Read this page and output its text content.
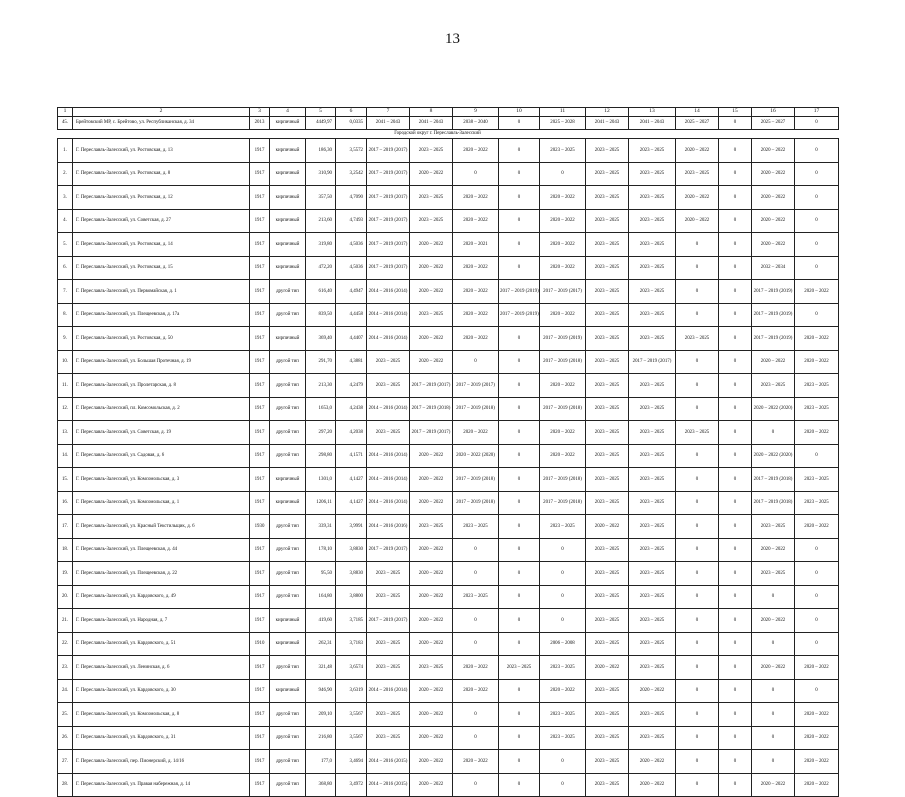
13
1	2	3	4	5	6	7	8	9	10	11	12	13	14	15	16	17
45.	Брейтовский МР, с. Брейтово, ул. Республиканская, д. 34	2013	кирпичный	4449,97	0,0335	2041 – 2043	2041 – 2043	2038 – 2040	0	2025 – 2028	2041 – 2043	2041 – 2043	2025 – 2027	0	2025 – 2027	0
					Городской округ г. Переславль-Залесский											
1.	Г. Переславль-Залесский, ул. Ростовская, д. 13	1917	кирпичный	186,30	3,5572	2017 – 2019 (2017)	2023 – 2025	2020 – 2022	0	2023 – 2025	2023 – 2025	2023 – 2025	2020 – 2022	0	2020 – 2022	0
2.	Г. Переславль-Залесский, ул. Ростовская, д. 8	1917	кирпичный	310,90	3,2542	2017 – 2019 (2017)	2020 – 2022	0	0	0	2023 – 2025	2023 – 2025	2023 – 2025	0	2020 – 2022	0
3.	Г. Переславль-Залесский, ул. Ростовская, д. 12	1917	кирпичный	357,50	4,7090	2017 – 2019 (2017)	2023 – 2025	2020 – 2022	0	2020 – 2022	2023 – 2025	2023 – 2025	2020 – 2022	0	2020 – 2022	0
4.	Г. Переславль-Залесский, ул. Советская, д. 27	1917	кирпичный	213,60	4,7493	2017 – 2019 (2017)	2023 – 2025	2020 – 2022	0	2020 – 2022	2023 – 2025	2023 – 2025	2020 – 2022	0	2020 – 2022	0
5.	Г. Переславль-Залесский, ул. Ростовская, д. 14	1917	кирпичный	319,80	4,5036	2017 – 2019 (2017)	2020 – 2022	2020 – 2021	0	2020 – 2022	2023 – 2025	2023 – 2025	0	0	2020 – 2022	0
6.	Г. Переславль-Залесский, ул. Ростовская, д. 15	1917	кирпичный	472,20	4,5036	2017 – 2019 (2017)	2020 – 2022	2020 – 2022	0	2020 – 2022	2023 – 2025	2023 – 2025	0	0	2032 – 2034	0
7.	Г. Переславль-Залесский, ул. Первомайская, д. 1	1917	другой тип	616,40	4,4947	2014 – 2016 (2014)	2020 – 2022	2020 – 2022	2017 – 2019 (2019)	2017 – 2019 (2017)	2023 – 2025	2023 – 2025	0	0	2017 – 2019 (2019)	2020 – 2022
8.	Г. Переславль-Залесский, ул. Плещеевская, д. 17а	1917	другой тип	839,50	4,4458	2014 – 2016 (2014)	2023 – 2025	2020 – 2022	2017 – 2019 (2019)	2020 – 2022	2023 – 2025	2023 – 2025	0	0	2017 – 2019 (2019)	0
9.	Г. Переславль-Залесский, ул. Ростовская, д. 50	1917	кирпичный	369,40	4,4407	2014 – 2016 (2014)	2020 – 2022	2020 – 2022	0	2017 – 2019 (2019)	2023 – 2025	2023 – 2025	2023 – 2025	0	2017 – 2019 (2019)	2020 – 2022
10.	Г. Переславль-Залесский, ул. Большая Протечная, д. 19	1917	другой тип	291,70	4,3881	2023 – 2025	2020 – 2022	0	0	2017 – 2019 (2018)	2023 – 2025	2017 – 2019 (2017)	0	0	2020 – 2022	2020 – 2022
11.	Г. Переславль-Залесский, ул. Пролетарская, д. 8	1917	другой тип	213,30	4,2479	2023 – 2025	2017 – 2019 (2017)	2017 – 2019 (2017)	0	2020 – 2022	2023 – 2025	2023 – 2025	0	0	2023 – 2025	2023 – 2025
12.	Г. Переславль-Залесский, пл. Комсомольская, д. 2	1917	другой тип	1653,0	4,2438	2014 – 2016 (2014)	2017 – 2019 (2018)	2017 – 2019 (2018)	0	2017 – 2019 (2018)	2023 – 2025	2023 – 2025	0	0	2020 – 2022 (2020)	2023 – 2025
13.	Г. Переславль-Залесский, ул. Советская, д. 19	1917	другой тип	297,20	4,2038	2023 – 2025	2017 – 2019 (2017)	2020 – 2022	0	2020 – 2022	2023 – 2025	2023 – 2025	2023 – 2025	0	0	2020 – 2022
14.	Г. Переславль-Залесский, ул. Садовая, д. 6	1917	другой тип	298,80	4,1571	2014 – 2016 (2014)	2020 – 2022	2020 – 2022 (2020)	0	2020 – 2022	2023 – 2025	2023 – 2025	0	0	2020 – 2022 (2020)	0
15.	Г. Переславль-Залесский, ул. Комсомольская, д. 3	1917	кирпичный	1301,0	4,1427	2014 – 2016 (2014)	2020 – 2022	2017 – 2019 (2018)	0	2017 – 2019 (2018)	2023 – 2025	2023 – 2025	0	0	2017 – 2019 (2018)	2023 – 2025
16.	Г. Переславль-Залесский, ул. Комсомольская, д. 1	1917	кирпичный	1206,11	4,1427	2014 – 2016 (2014)	2020 – 2022	2017 – 2019 (2018)	0	2017 – 2019 (2018)	2023 – 2025	2023 – 2025	0	0	2017 – 2019 (2018)	2023 – 2025
17.	Г. Переславль-Залесский, ул. Красный Текстильщик, д. 6	1930	другой тип	339,31	3,9991	2014 – 2016 (2016)	2023 – 2025	2023 – 2025	0	2023 – 2025	2020 – 2022	2023 – 2025	0	0	2023 – 2025	2020 – 2022
18.	Г. Переславль-Залесский, ул. Плещеевская, д. 44	1917	другой тип	178,10	3,8830	2017 – 2019 (2017)	2020 – 2022	0	0	0	2023 – 2025	2023 – 2025	0	0	2020 – 2022	0
19.	Г. Переславль-Залесский, ул. Плещеевская, д. 22	1917	другой тип	95,50	3,8830	2023 – 2025	2020 – 2022	0	0	0	2023 – 2025	2023 – 2025	0	0	2023 – 2025	0
20.	Г. Переславль-Залесский, ул. Кардовского, д. 49	1917	другой тип	164,80	3,8800	2023 – 2025	2020 – 2022	2023 – 2025	0	0	2023 – 2025	2023 – 2025	0	0	0	0
21.	Г. Переславль-Залесский, ул. Народная, д. 7	1917	кирпичный	419,60	3,7185	2017 – 2019 (2017)	2020 – 2022	0	0	0	2023 – 2025	2023 – 2025	0	0	2020 – 2022	0
22.	Г. Переславль-Залесский, ул. Кардовского, д. 51	1910	кирпичный	262,31	3,7183	2023 – 2025	2020 – 2022	0	0	2006 – 2008	2023 – 2025	2023 – 2025	0	0	0	0
23.	Г. Переславль-Залесский, ул. Ленинская, д. 6	1917	другой тип	321,48	3,6574	2023 – 2025	2023 – 2025	2020 – 2022	2023 – 2025	2023 – 2025	2020 – 2022	2023 – 2025	0	0	2020 – 2022	2020 – 2022
24.	Г. Переславль-Залесский, ул. Кардовского, д. 30	1917	кирпичный	946,90	3,6319	2014 – 2016 (2014)	2020 – 2022	2020 – 2022	0	2020 – 2022	2023 – 2025	2020 – 2022	0	0	0	0
25.	Г. Переславль-Залесский, ул. Комсомольская, д. 8	1917	другой тип	209,10	3,5567	2023 – 2025	2020 – 2022	0	0	2023 – 2025	2023 – 2025	2023 – 2025	0	0	0	2020 – 2022
26.	Г. Переславль-Залесский, ул. Кардовского, д. 31	1917	другой тип	216,80	3,5567	2023 – 2025	2020 – 2022	0	0	2023 – 2025	2023 – 2025	2023 – 2025	0	0	0	2020 – 2022
27.	Г. Переславль-Залесский, пер. Пионерский, д. 14/16	1917	другой тип	177,0	3,4694	2014 – 2016 (2015)	2020 – 2022	2020 – 2022	0	0	2023 – 2025	2020 – 2022	0	0	0	2020 – 2022
28.	Г. Переславль-Залесский, ул. Правая набережная, д. 14	1917	другой тип	368,80	3,4972	2014 – 2016 (2015)	2020 – 2022	0	0	0	2023 – 2025	2020 – 2022	0	0	2020 – 2022	2020 – 2022
